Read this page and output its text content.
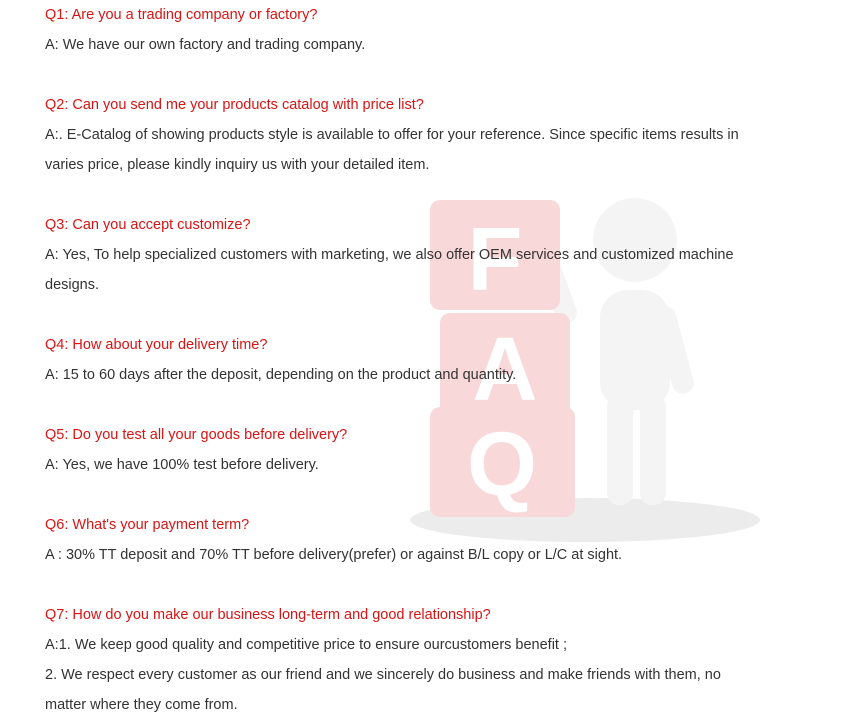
F
A
Q

Q1: Are you a trading company or factory?

A: We have our own factory and trading company.

Q2: Can you send me your products catalog with price list?

A:. E-Catalog of showing products style is available to offer for your reference. Since specific items results in

varies price, please kindly inquiry us with your detailed item.

Q3: Can you accept customize?

A: Yes, To help specialized customers with marketing, we also offer OEM services and customized machine

designs.

Q4: How about your delivery time?

A: 15 to 60 days after the deposit, depending on the product and quantity.

Q5: Do you test all your goods before delivery?

A: Yes, we have 100% test before delivery.

Q6: What's your payment term?

A : 30% TT deposit and 70% TT before delivery(prefer) or against B/L copy or L/C at sight.

Q7: How do you make our business long-term and good relationship?

A:1. We keep good quality and competitive price to ensure ourcustomers benefit ;

2. We respect every customer as our friend and we sincerely do business and make friends with them, no

matter where they come from.
